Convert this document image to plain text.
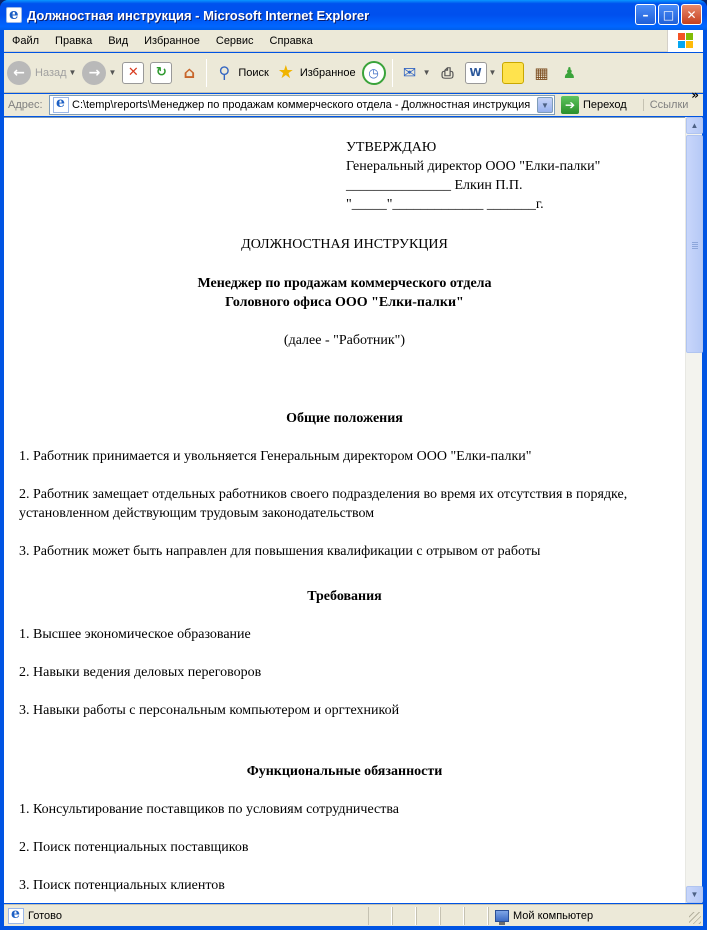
e
Должностная инструкция - Microsoft Internet Explorer	–	□	✕
Файл	Правка	Вид	Избранное	Сервис	Справка
← Назад ▼ →	▼ ✕	↻	⌂	⚲ Поиск ★ Избранное	◷	✉ ▼ ⎙	W ▼	▦ ♟
Адрес:
e	C:\temp\reports\Менеджер по продажам коммерческого отдела - Должностная инструкция	▼	➔ Переход	Ссылки
»
УТВЕРЖДАЮ
Генеральный директор ООО "Елки-палки"
_______________ Елкин П.П.
"_____"_____________ _______г.
ДОЛЖНОСТНАЯ ИНСТРУКЦИЯ
Менеджер по продажам коммерческого отдела
Головного офиса ООО "Елки-палки"
(далее - "Работник")
Общие положения
1. Работник принимается и увольняется Генеральным директором ООО "Елки-палки"
2. Работник замещает отдельных работников своего подразделения во время их отсутствия в порядке, установленном действующим трудовым законодательством
3. Работник может быть направлен для повышения квалификации с отрывом от работы
Требования
1. Высшее экономическое образование
2. Навыки ведения деловых переговоров
3. Навыки работы с персональным компьютером и оргтехникой
Функциональные обязанности
1. Консультирование поставщиков по условиям сотрудничества
2. Поиск потенциальных поставщиков
3. Поиск потенциальных клиентов
▲
▼
e
Готово	Мой компьютер
